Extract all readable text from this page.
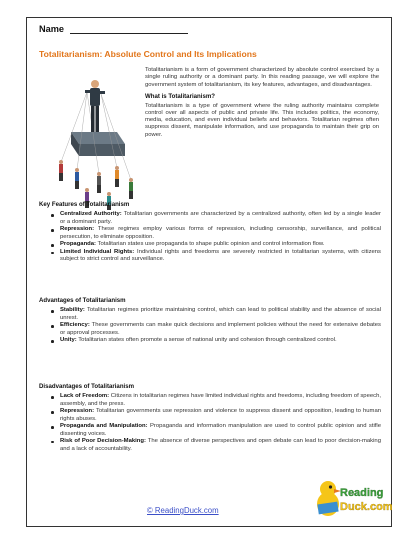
Name
Totalitarianism: Absolute Control and Its Implications

Totalitarianism is a form of government characterized by absolute control exercised by a single ruling authority or a dominant party. In this reading passage, we will explore the government system of totalitarianism, its key features, advantages, and disadvantages.

What is Totalitarianism?

Totalitarianism is a type of government where the ruling authority maintains complete control over all aspects of public and private life. This includes politics, the economy, media, education, and even individual beliefs and behaviors. Totalitarian regimes often suppress dissent, manipulate information, and use propaganda to maintain their grip on power.

Key Features of Totalitarianism
Centralized Authority: Totalitarian governments are characterized by a centralized authority, often led by a single leader or a dominant party.
Repression: These regimes employ various forms of repression, including censorship, surveillance, and political persecution, to eliminate opposition.
Propaganda: Totalitarian states use propaganda to shape public opinion and control information flow.
Limited Individual Rights: Individual rights and freedoms are severely restricted in totalitarian systems, with citizens subject to strict control and surveillance.
Advantages of Totalitarianism
Stability: Totalitarian regimes prioritize maintaining control, which can lead to political stability and the absence of social unrest.
Efficiency: These governments can make quick decisions and implement policies without the need for extensive debates or approval processes.
Unity: Totalitarian states often promote a sense of national unity and cohesion through centralized control.
Disadvantages of Totalitarianism
Lack of Freedom: Citizens in totalitarian regimes have limited individual rights and freedoms, including freedom of speech, assembly, and the press.
Repression: Totalitarian governments use repression and violence to suppress dissent and opposition, leading to human rights abuses.
Propaganda and Manipulation: Propaganda and information manipulation are used to control public opinion and stifle dissenting voices.
Risk of Poor Decision-Making: The absence of diverse perspectives and open debate can lead to poor decision-making and a lack of accountability.
© ReadingDuck.com
Reading
Duck.com
